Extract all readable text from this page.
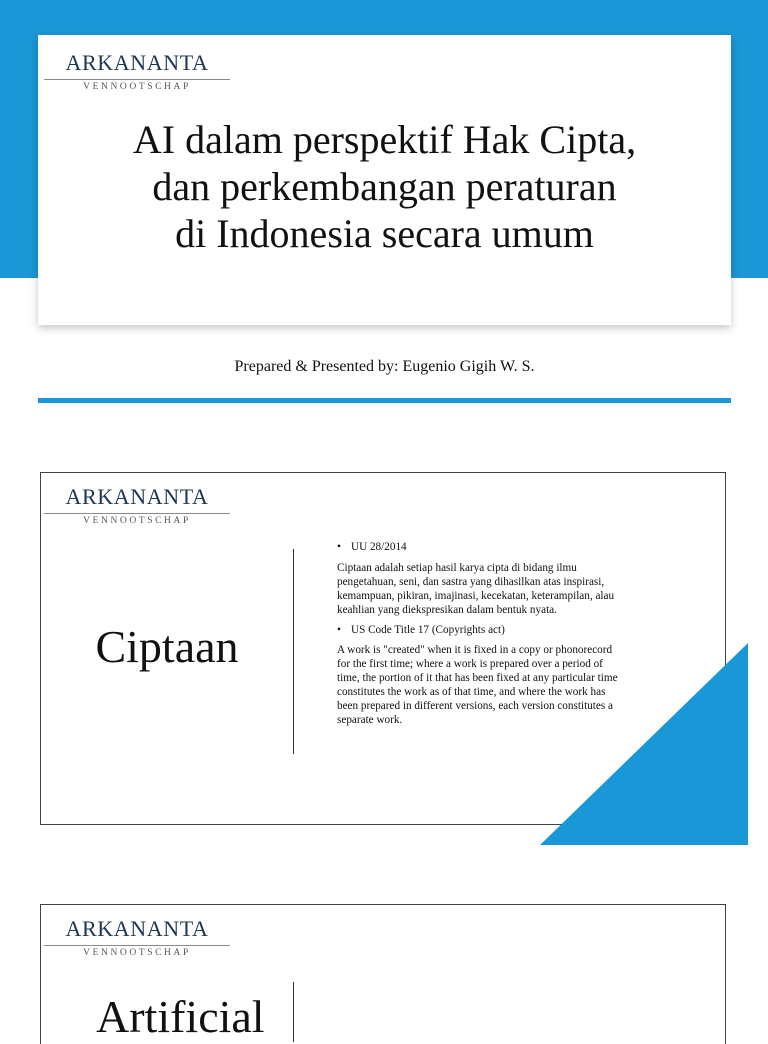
ARKANANTA
VENNOOTSCHAP
AI dalam perspektif Hak Cipta,
dan perkembangan peraturan
di Indonesia secara umum
Prepared & Presented by: Eugenio Gigih W. S.
ARKANANTA
VENNOOTSCHAP
Ciptaan
• UU 28/2014

Ciptaan adalah setiap hasil karya cipta di bidang ilmu pengetahuan, seni, dan sastra yang dihasilkan atas inspirasi, kemampuan, pikiran, imajinasi, kecekatan, keterampilan, alau keahlian yang diekspresikan dalam bentuk nyata.

• US Code Title 17 (Copyrights act)

A work is "created" when it is fixed in a copy or phonorecord for the first time; where a work is prepared over a period of time, the portion of it that has been fixed at any particular time constitutes the work as of that time, and where the work has been prepared in different versions, each version constitutes a separate work.

ARKANANTA
VENNOOTSCHAP
Artificial
